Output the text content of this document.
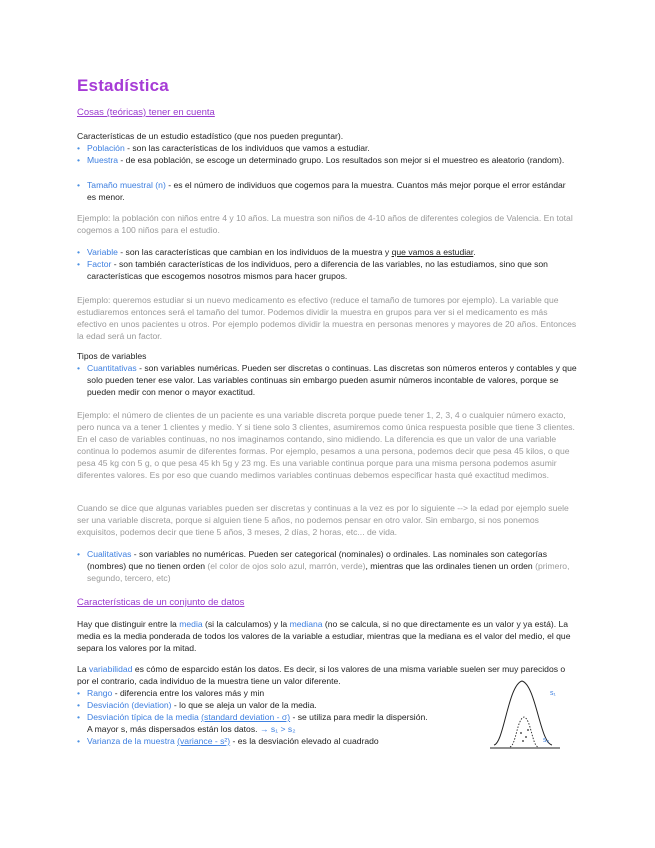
Estadística
Cosas (teóricas) tener en cuenta
Características de un estudio estadístico (que nos pueden preguntar).
• Población - son las características de los individuos que vamos a estudiar.
• Muestra - de esa población, se escoge un determinado grupo. Los resultados son mejor si el muestreo es aleatorio (random).
• Tamaño muestral (n) - es el número de individuos que cogemos para la muestra. Cuantos más mejor porque el error estándar es menor.
Ejemplo: la población con niños entre 4 y 10 años. La muestra son niños de 4-10 años de diferentes colegios de Valencia. En total cogemos a 100 niños para el estudio.
• Variable - son las características que cambian en los individuos de la muestra y que vamos a estudiar.
• Factor - son también características de los individuos, pero a diferencia de las variables, no las estudiamos, sino que son características que escogemos nosotros mismos para hacer grupos.
Ejemplo: queremos estudiar si un nuevo medicamento es efectivo (reduce el tamaño de tumores por ejemplo). La variable que estudiaremos entonces será el tamaño del tumor. Podemos dividir la muestra en grupos para ver si el medicamento es más efectivo en unos pacientes u otros. Por ejemplo podemos dividir la muestra en personas menores y mayores de 20 años. Entonces la edad será un factor.
Tipos de variables
• Cuantitativas - son variables numéricas. Pueden ser discretas o continuas. Las discretas son números enteros y contables y que solo pueden tener ese valor. Las variables continuas sin embargo pueden asumir números incontable de valores, porque se pueden medir con menor o mayor exactitud.
Ejemplo: el número de clientes de un paciente es una variable discreta porque puede tener 1, 2, 3, 4 o cualquier número exacto, pero nunca va a tener 1 clientes y medio. Y si tiene solo 3 clientes, asumiremos como única respuesta posible que tiene 3 clientes. En el caso de variables continuas, no nos imaginamos contando, sino midiendo. La diferencia es que un valor de una variable continua lo podemos asumir de diferentes formas. Por ejemplo, pesamos a una persona, podemos decir que pesa 45 kilos, o que pesa 45 kg con 5 g, o que pesa 45 kh 5g y 23 mg. Es una variable continua porque para una misma persona podemos asumir diferentes valores. Es por eso que cuando medimos variables continuas debemos especificar hasta qué exactitud medimos.
Cuando se dice que algunas variables pueden ser discretas y continuas a la vez es por lo siguiente --> la edad por ejemplo suele ser una variable discreta, porque si alguien tiene 5 años, no podemos pensar en otro valor. Sin embargo, si nos ponemos exquisitos, podemos decir que tiene 5 años, 3 meses, 2 días, 2 horas, etc... de vida.
• Cualitativas - son variables no numéricas. Pueden ser categorical (nominales) o ordinales. Las nominales son categorías (nombres) que no tienen orden (el color de ojos solo azul, marrón, verde), mientras que las ordinales tienen un orden (primero, segundo, tercero, etc)
Características de un conjunto de datos
Hay que distinguir entre la media (si la calculamos) y la mediana (no se calcula, si no que directamente es un valor y ya está). La media es la media ponderada de todos los valores de la variable a estudiar, mientras que la mediana es el valor del medio, el que separa los valores por la mitad.
La variabilidad es cómo de esparcido están los datos. Es decir, si los valores de una misma variable suelen ser muy parecidos o por el contrario, cada individuo de la muestra tiene un valor diferente.
• Rango - diferencia entre los valores más y min
• Desviación (deviation) - lo que se aleja un valor de la media.
• Desviación típica de la media (standard deviation - σ) - se utiliza para medir la dispersión.
A mayor s, más dispersados están los datos. → s₁ > s₂
• Varianza de la muestra (variance - s²) - es la desviación elevado al cuadrado
s₁
s₂
